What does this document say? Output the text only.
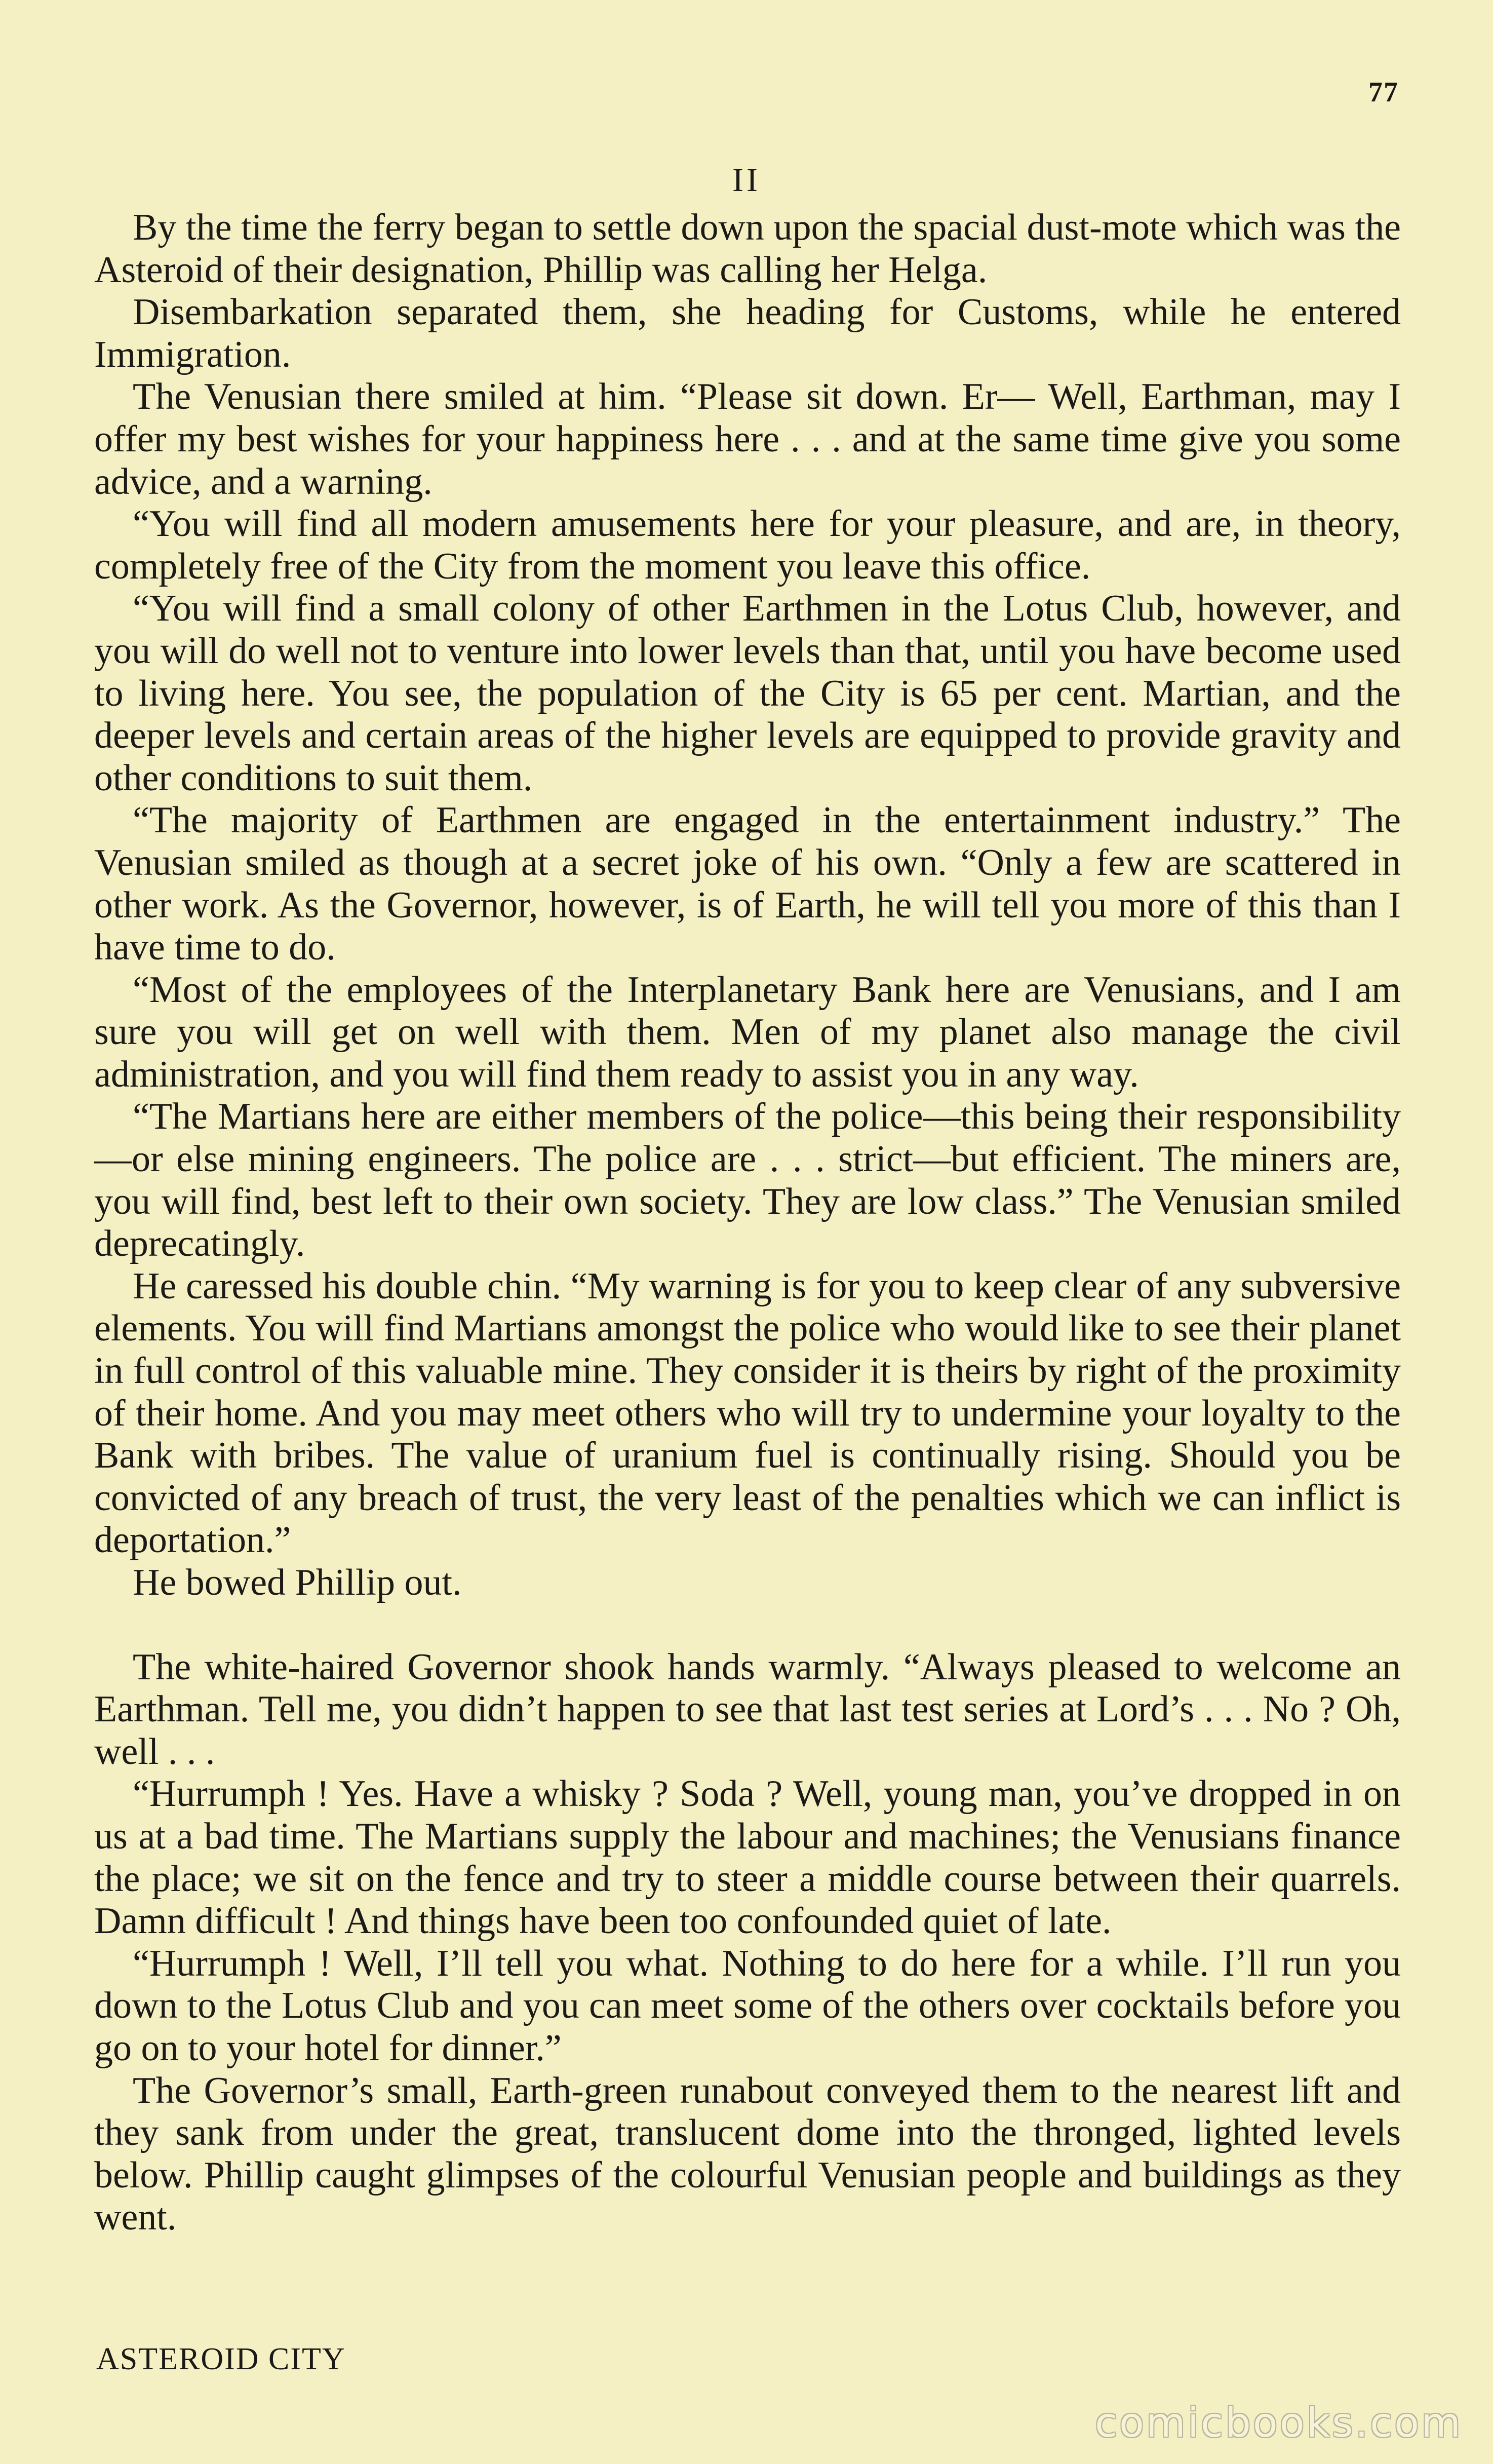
77
II

By the time the ferry began to settle down upon the spacial dust-mote which was the Asteroid of their designation, Phillip was calling her Helga.

Disembarkation separated them, she heading for Customs, while he entered Immigration.

The Venusian there smiled at him. “Please sit down. Er— Well, Earthman, may I offer my best wishes for your happiness here . . . and at the same time give you some advice, and a warning.

“You will find all modern amusements here for your pleasure, and are, in theory, completely free of the City from the moment you leave this office.

“You will find a small colony of other Earthmen in the Lotus Club, however, and you will do well not to venture into lower levels than that, until you have become used to living here. You see, the population of the City is 65 per cent. Martian, and the deeper levels and certain areas of the higher levels are equipped to provide gravity and other conditions to suit them.

“The majority of Earthmen are engaged in the entertainment industry.” The Venusian smiled as though at a secret joke of his own. “Only a few are scattered in other work. As the Governor, however, is of Earth, he will tell you more of this than I have time to do.

“Most of the employees of the Interplanetary Bank here are Venusians, and I am sure you will get on well with them. Men of my planet also manage the civil administration, and you will find them ready to assist you in any way.

“The Martians here are either members of the police—this being their responsibility—or else mining engineers. The police are . . . strict—but efficient. The miners are, you will find, best left to their own society. They are low class.” The Venusian smiled deprecatingly.

He caressed his double chin. “My warning is for you to keep clear of any subversive elements. You will find Martians amongst the police who would like to see their planet in full control of this valuable mine. They consider it is theirs by right of the proximity of their home. And you may meet others who will try to undermine your loyalty to the Bank with bribes. The value of uranium fuel is continually rising. Should you be convicted of any breach of trust, the very least of the penalties which we can inflict is deportation.”

He bowed Phillip out.

The white-haired Governor shook hands warmly. “Always pleased to welcome an Earthman. Tell me, you didn’t happen to see that last test series at Lord’s . . . No ? Oh, well . . .

“Hurrumph ! Yes. Have a whisky ? Soda ? Well, young man, you’ve dropped in on us at a bad time. The Martians supply the labour and machines; the Venusians finance the place; we sit on the fence and try to steer a middle course between their quarrels. Damn difficult ! And things have been too confounded quiet of late.

“Hurrumph ! Well, I’ll tell you what. Nothing to do here for a while. I’ll run you down to the Lotus Club and you can meet some of the others over cocktails before you go on to your hotel for dinner.”

The Governor’s small, Earth-green runabout conveyed them to the nearest lift and they sank from under the great, translucent dome into the thronged, lighted levels below. Phillip caught glimpses of the colourful Venusian people and buildings as they went.

ASTEROID CITY
comicbooks.com
